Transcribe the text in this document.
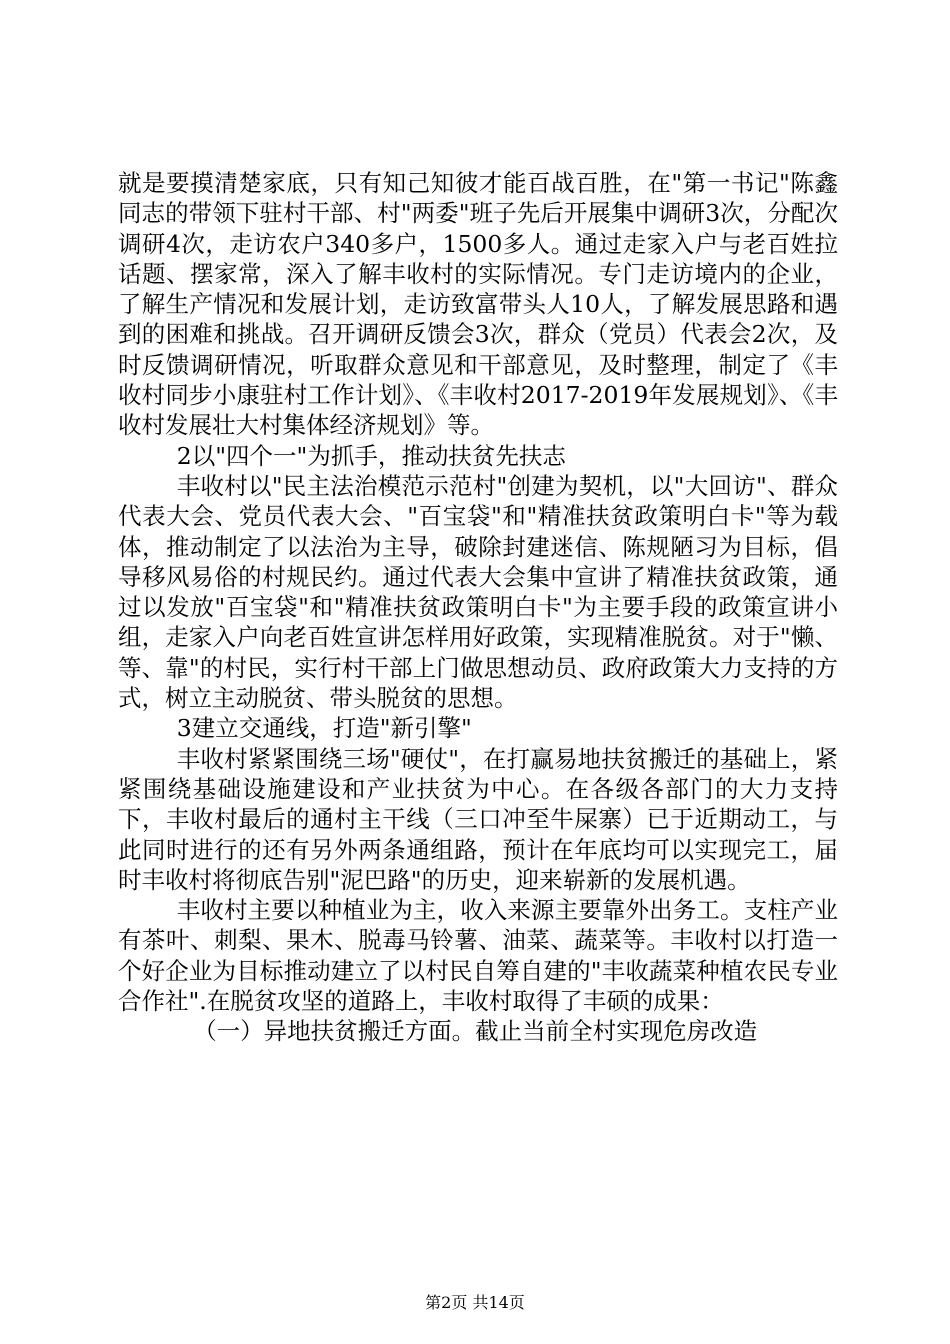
就是要摸清楚家底，只有知己知彼才能百战百胜，在"第一书记"陈鑫同志的带领下驻村干部、村"两委"班子先后开展集中调研3次，分配次调研4次，走访农户340多户，1500多人。通过走家入户与老百姓拉话题、摆家常，深入了解丰收村的实际情况。专门走访境内的企业，了解生产情况和发展计划，走访致富带头人10人，了解发展思路和遇到的困难和挑战。召开调研反馈会3次，群众（党员）代表会2次，及时反馈调研情况，听取群众意见和干部意见，及时整理，制定了《丰收村同步小康驻村工作计划》、《丰收村2017-2019年发展规划》、《丰收村发展壮大村集体经济规划》等。

2以"四个一"为抓手，推动扶贫先扶志

丰收村以"民主法治模范示范村"创建为契机，以"大回访"、群众代表大会、党员代表大会、"百宝袋"和"精准扶贫政策明白卡"等为载体，推动制定了以法治为主导，破除封建迷信、陈规陋习为目标，倡导移风易俗的村规民约。通过代表大会集中宣讲了精准扶贫政策，通过以发放"百宝袋"和"精准扶贫政策明白卡"为主要手段的政策宣讲小组，走家入户向老百姓宣讲怎样用好政策，实现精准脱贫。对于"懒、等、靠"的村民，实行村干部上门做思想动员、政府政策大力支持的方式，树立主动脱贫、带头脱贫的思想。

3建立交通线，打造"新引擎"

丰收村紧紧围绕三场"硬仗"，在打赢易地扶贫搬迁的基础上，紧紧围绕基础设施建设和产业扶贫为中心。在各级各部门的大力支持下，丰收村最后的通村主干线（三口冲至牛屎寨）已于近期动工，与此同时进行的还有另外两条通组路，预计在年底均可以实现完工，届时丰收村将彻底告别"泥巴路"的历史，迎来崭新的发展机遇。

丰收村主要以种植业为主，收入来源主要靠外出务工。支柱产业有茶叶、刺梨、果木、脱毒马铃薯、油菜、蔬菜等。丰收村以打造一个好企业为目标推动建立了以村民自筹自建的"丰收蔬菜种植农民专业合作社".在脱贫攻坚的道路上，丰收村取得了丰硕的成果：

（一）异地扶贫搬迁方面。截止当前全村实现危房改造

第2页 共14页
